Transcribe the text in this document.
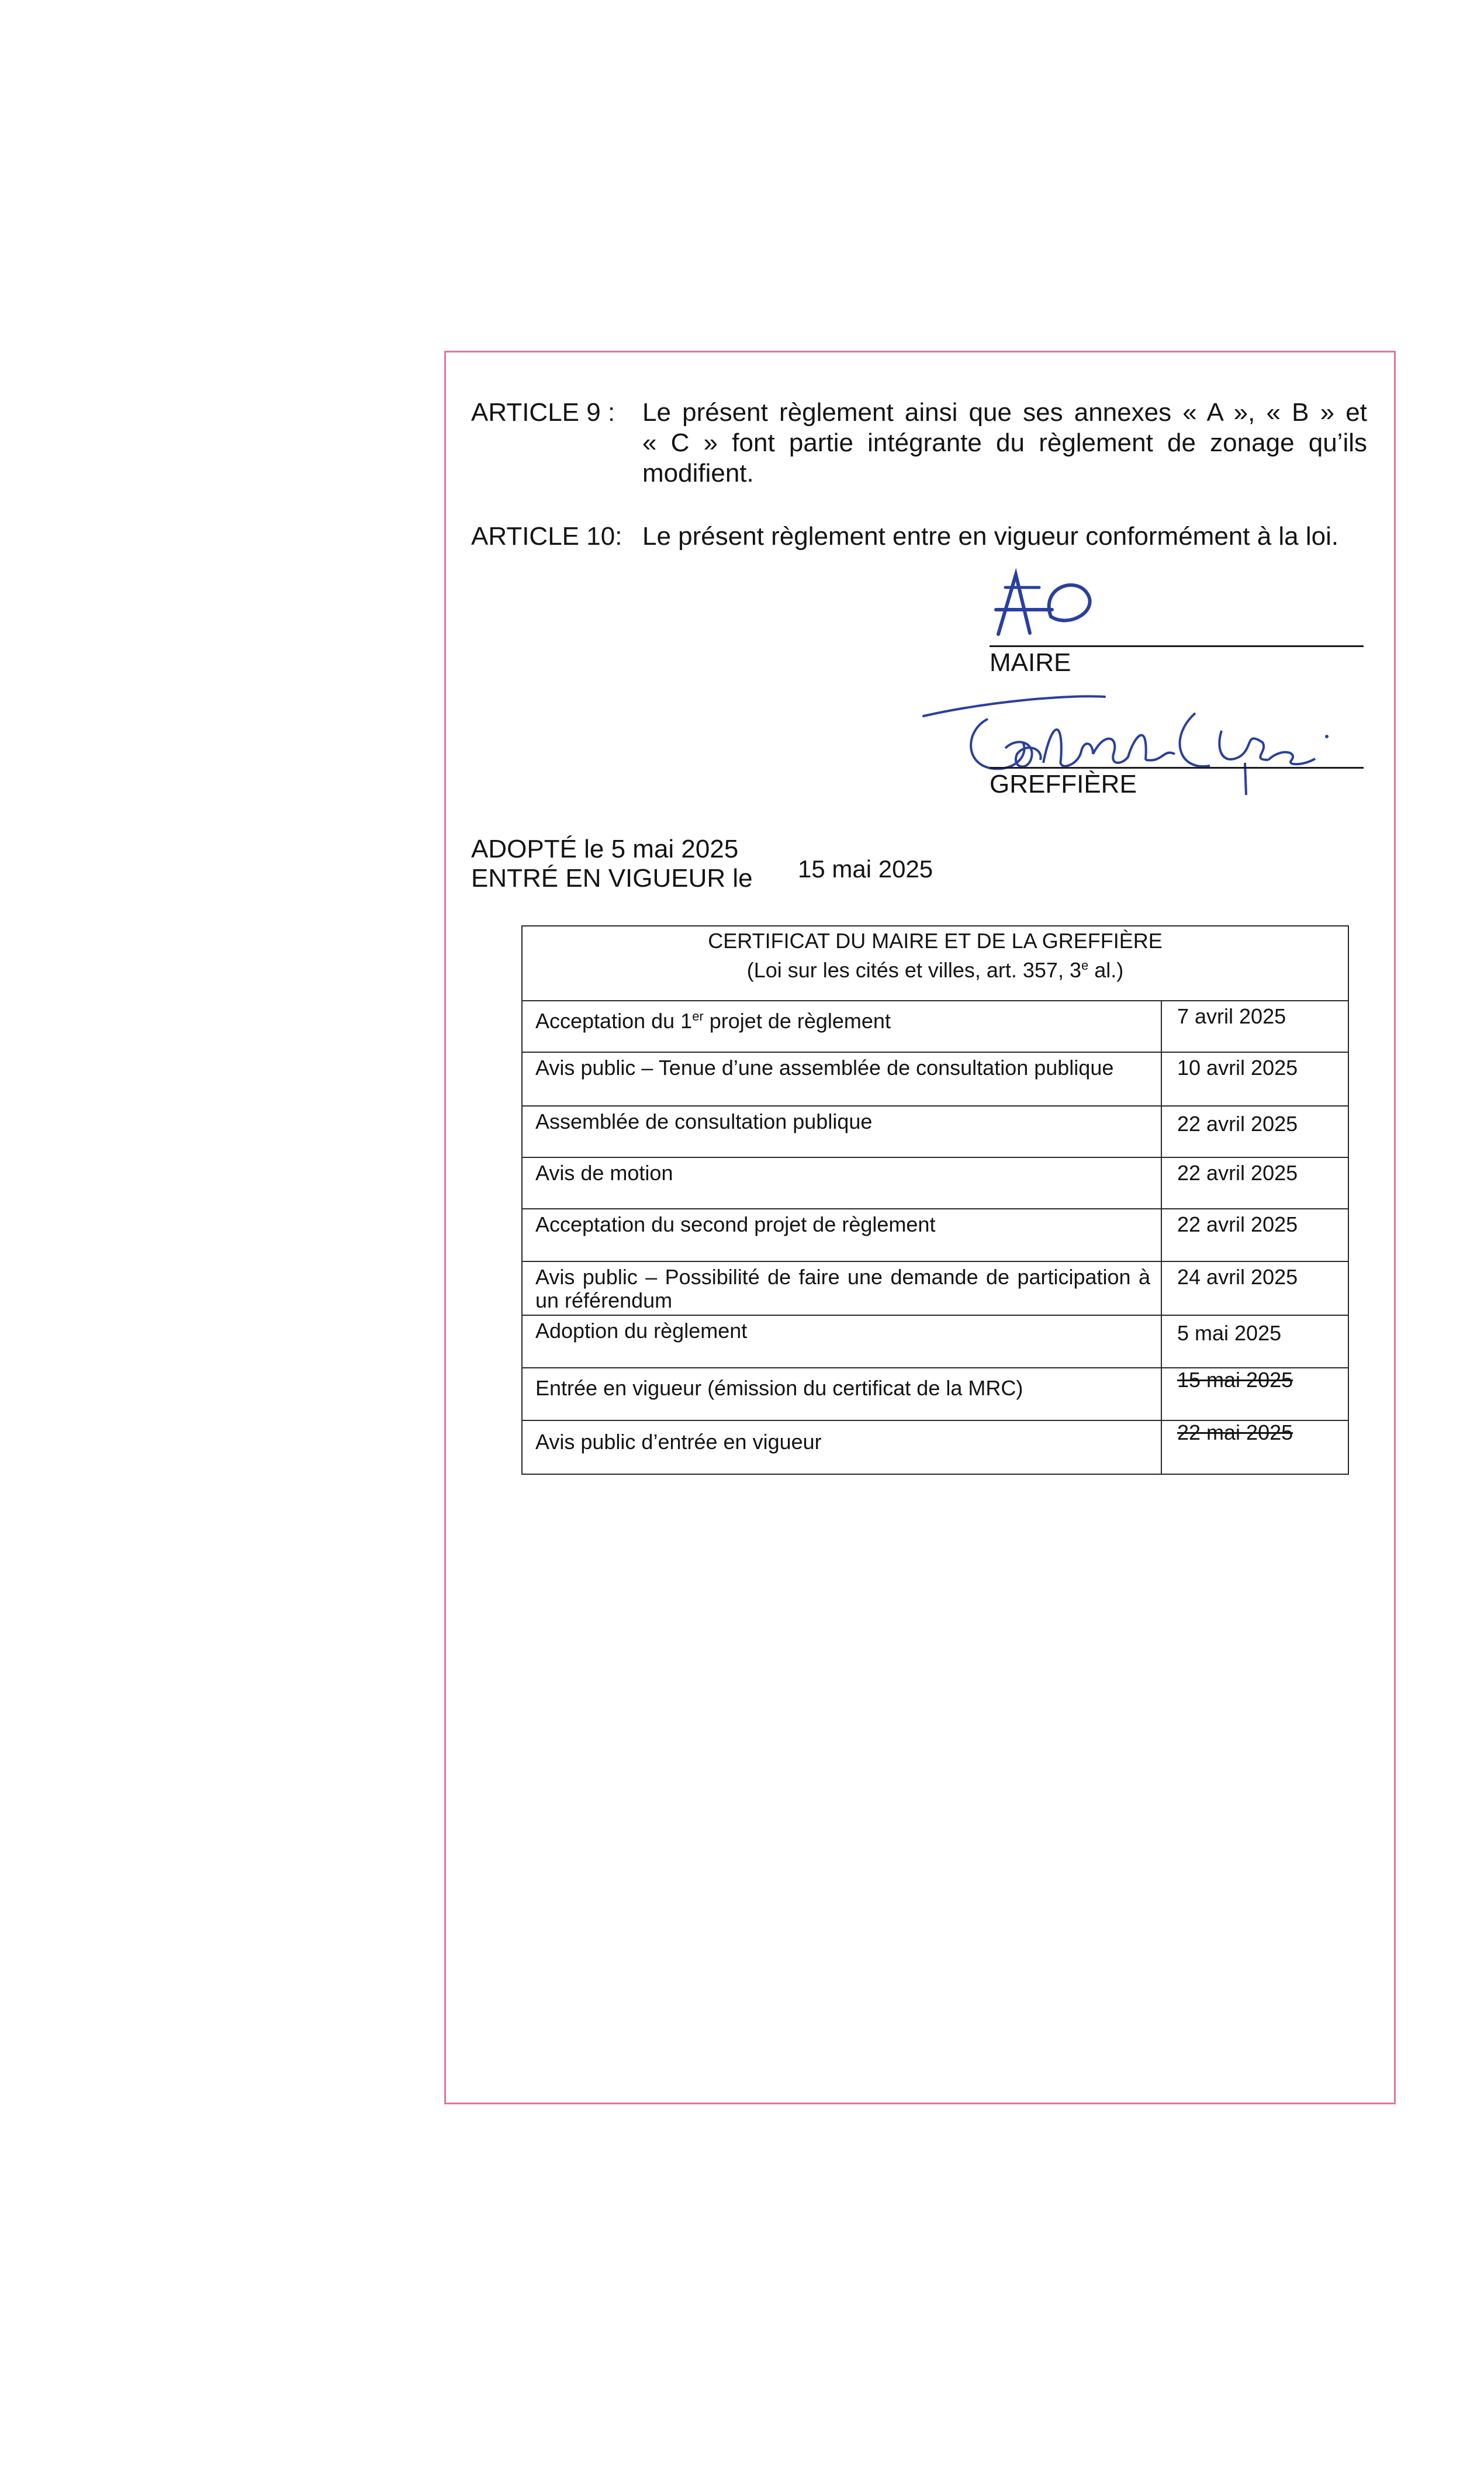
ARTICLE 9 : Le présent règlement ainsi que ses annexes « A », « B » et
« C » font partie intégrante du règlement de zonage qu’ils
modifient.
ARTICLE 10: Le présent règlement entre en vigueur conformément à la loi.
MAIRE
GREFFIÈRE
ADOPTÉ le 5 mai 2025
ENTRÉ EN VIGUEUR le 15 mai 2025
CERTIFICAT DU MAIRE ET DE LA GREFFIÈRE
(Loi sur les cités et villes, art. 357, 3e al.)	

Acceptation du 1er projet de règlement	7 avril 2025
Avis public – Tenue d’une assemblée de consultation publique	10 avril 2025
Assemblée de consultation publique	22 avril 2025
Avis de motion	22 avril 2025
Acceptation du second projet de règlement	22 avril 2025
Avis public – Possibilité de faire une demande de participation à un référendum	24 avril 2025
Adoption du règlement	5 mai 2025
Entrée en vigueur (émission du certificat de la MRC)	15 mai 2025
Avis public d’entrée en vigueur	22 mai 2025
